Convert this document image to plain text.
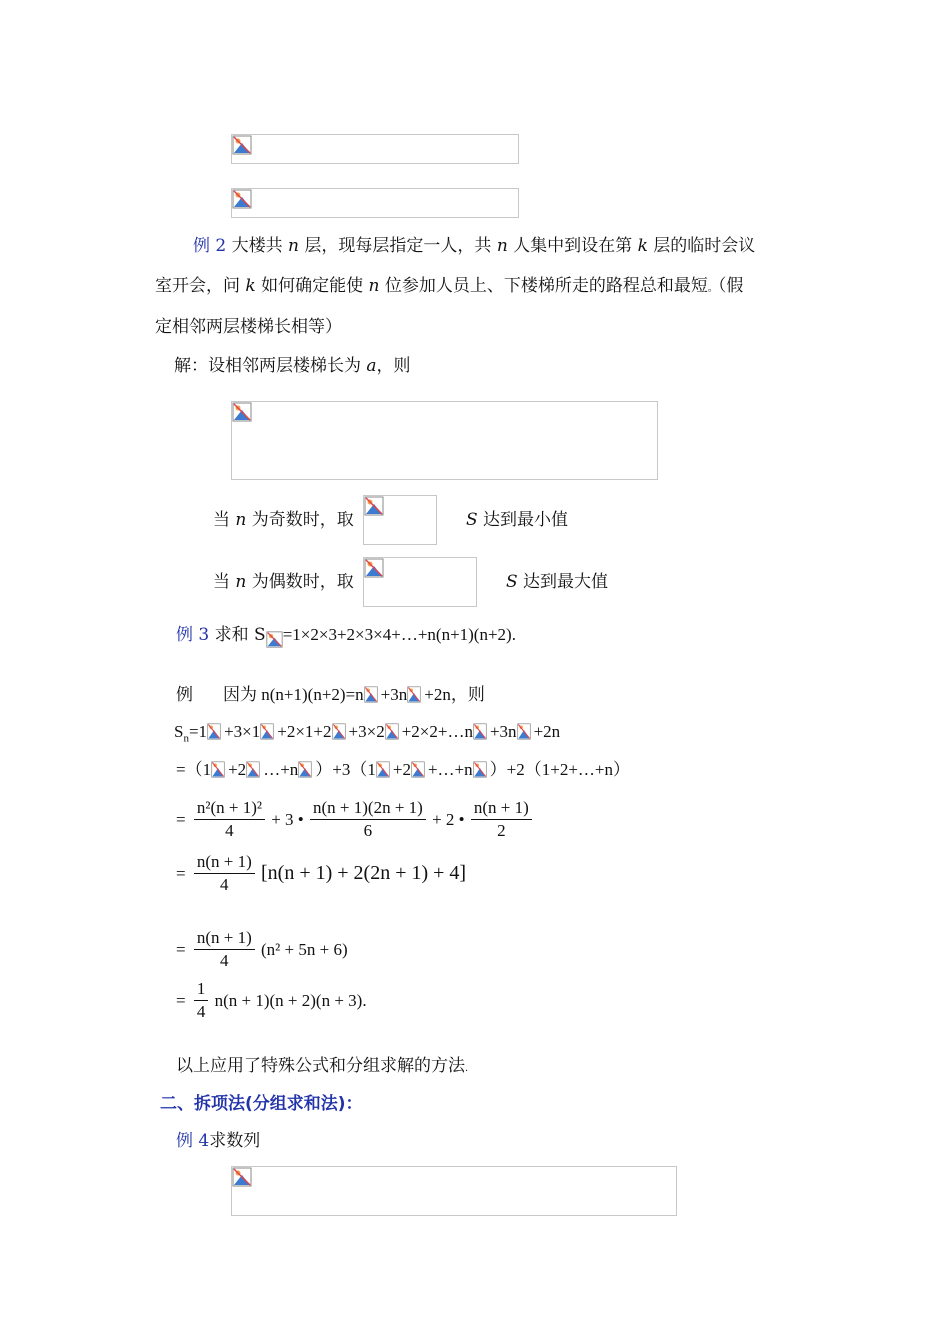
例 2 大楼共 n 层，现每层指定一人，共 n 人集中到设在第 k 层的临时会议
室开会，问 k 如何确定能使 n 位参加人员上、下楼梯所走的路程总和最短。（假
定相邻两层楼梯长相等）
解：设相邻两层楼梯长为 a，则
当 n 为奇数时，取	S 达到最小值
当 n 为偶数时，取	S 达到最大值
例 3 求和 S =1×2×3+2×3×4+…+n(n+1)(n+2).
例 因为 n(n+1)(n+2)=n +3n +2n，则
$S_n=1 +3\times 1 +2\times 1+2 +3\times 2$ +2×2+…n +3n +2n
=（1 +2 …+n ）+3（1 +2 +…+n ）+2（1+2+…+n）
= $\frac{\text{n²(n + 1)²}}{4} + 3$ • $\frac{n(n + 1)(2n + 1)}{6} + 2$ • $\frac{n(n + 1)}{2}$
= $\frac{n(n + 1)}{4} [n(n + 1) + 2(2n + 1) + 4]$
= $\frac{n(n + 1)}{4} (n^2 + 5n + 6)$
= $\frac{1}{4} n(n + 1)(n + 2)(n + 3)$.
以上应用了特殊公式和分组求解的方法.
二、拆项法(分组求和法)：
例 4求数列
